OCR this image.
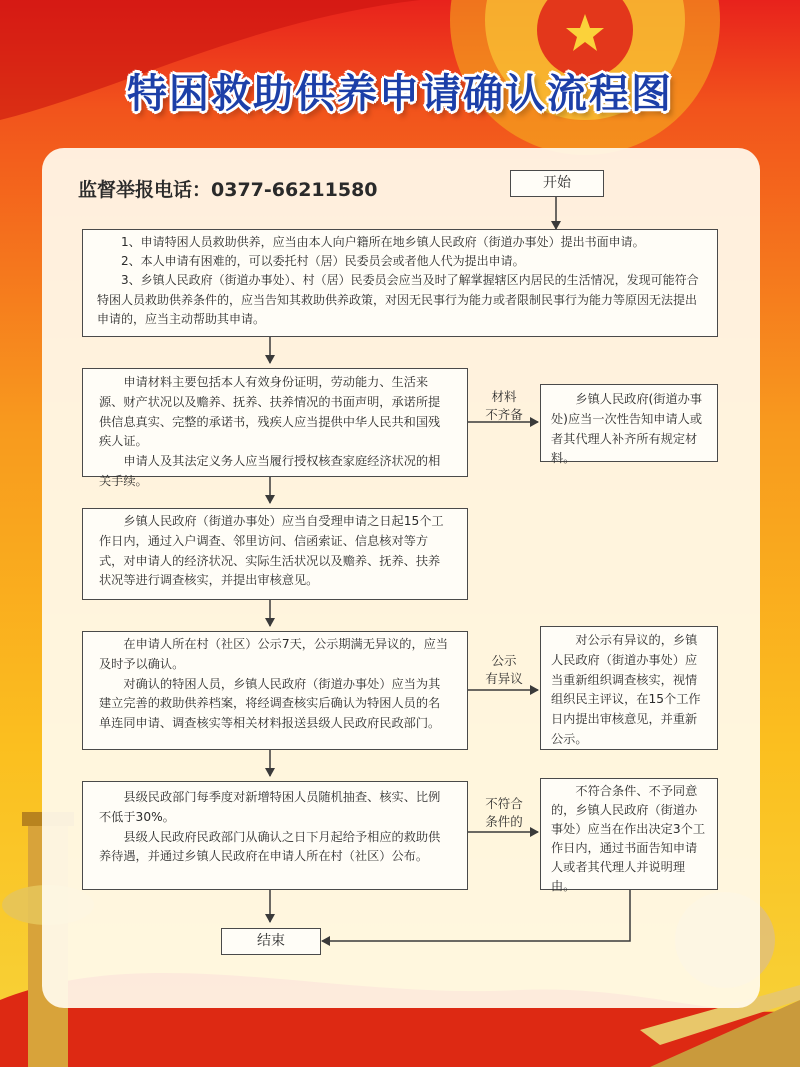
特困救助供养申请确认流程图
监督举报电话：0377-66211580	开始
结束

1、申请特困人员救助供养，应当由本人向户籍所在地乡镇人民政府（街道办事处）提出书面申请。

2、本人申请有困难的，可以委托村（居）民委员会或者他人代为提出申请。

3、乡镇人民政府（街道办事处）、村（居）民委员会应当及时了解掌握辖区内居民的生活情况，发现可能符合特困人员救助供养条件的，应当告知其救助供养政策，对因无民事行为能力或者限制民事行为能力等原因无法提出申请的，应当主动帮助其申请。

申请材料主要包括本人有效身份证明，劳动能力、生活来源、财产状况以及赡养、抚养、扶养情况的书面声明，承诺所提供信息真实、完整的承诺书，残疾人应当提供中华人民共和国残疾人证。

申请人及其法定义务人应当履行授权核查家庭经济状况的相关手续。

乡镇人民政府（街道办事处）应当自受理申请之日起15个工作日内，通过入户调查、邻里访问、信函索证、信息核对等方式，对申请人的经济状况、实际生活状况以及赡养、抚养、扶养状况等进行调查核实，并提出审核意见。

在申请人所在村（社区）公示7天，公示期满无异议的，应当及时予以确认。

对确认的特困人员，乡镇人民政府（街道办事处）应当为其建立完善的救助供养档案，将经调查核实后确认为特困人员的名单连同申请、调查核实等相关材料报送县级人民政府民政部门。

县级民政部门每季度对新增特困人员随机抽查、核实、比例不低于30%。

县级人民政府民政部门从确认之日下月起给予相应的救助供养待遇，并通过乡镇人民政府在申请人所在村（社区）公布。

材料
不齐备
公示
有异议
不符合
条件的

乡镇人民政府(街道办事处)应当一次性告知申请人或者其代理人补齐所有规定材料。

对公示有异议的，乡镇人民政府（街道办事处）应当重新组织调查核实，视情组织民主评议，在15个工作日内提出审核意见，并重新公示。

不符合条件、不予同意的，乡镇人民政府（街道办事处）应当在作出决定3个工作日内，通过书面告知申请人或者其代理人并说明理由。
